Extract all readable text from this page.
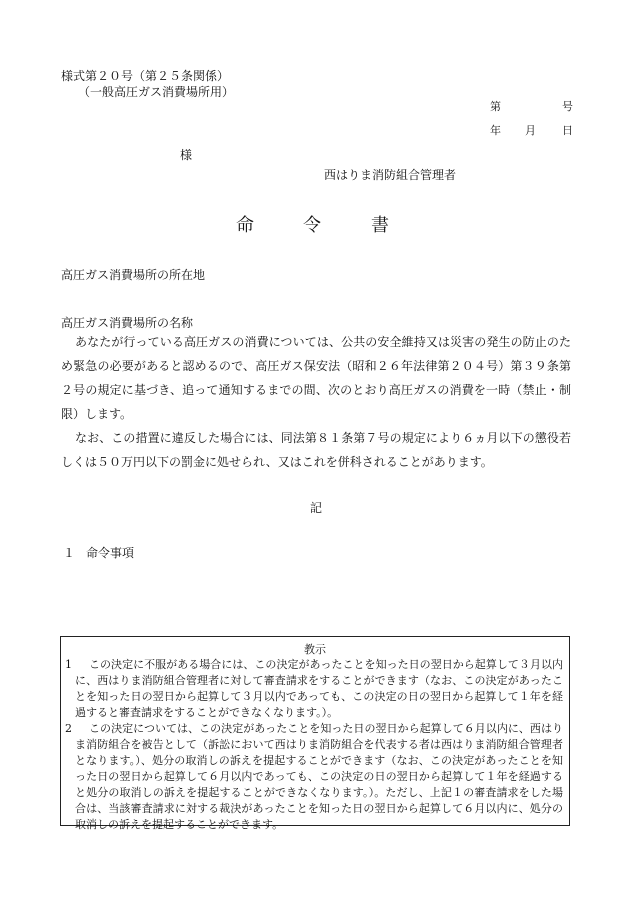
様式第２０号（第２５条関係）
（一般高圧ガス消費場所用）
第	号
年 月 日
様
西はりま消防組合管理者
命	令	書
高圧ガス消費場所の所在地
高圧ガス消費場所の名称
あなたが行っている高圧ガスの消費については、公共の安全維持又は災害の発生の防止のため緊急の必要があると認めるので、高圧ガス保安法（昭和２６年法律第２０４号）第３９条第２号の規定に基づき、追って通知するまでの間、次のとおり高圧ガスの消費を一時（禁止・制限）します。
なお、この措置に違反した場合には、同法第８１条第７号の規定により６ヵ月以下の懲役若しくは５０万円以下の罰金に処せられ、又はこれを併科されることがあります。
記
１ 命令事項
教示
1	この決定に不服がある場合には、この決定があったことを知った日の翌日から起算して３月以内に、西はりま消防組合管理者に対して審査請求をすることができます（なお、この決定があったことを知った日の翌日から起算して３月以内であっても、この決定の日の翌日から起算して１年を経過すると審査請求をすることができなくなります。）。
2	この決定については、この決定があったことを知った日の翌日から起算して６月以内に、西はりま消防組合を被告として（訴訟において西はりま消防組合を代表する者は西はりま消防組合管理者となります。）、処分の取消しの訴えを提起することができます（なお、この決定があったことを知った日の翌日から起算して６月以内であっても、この決定の日の翌日から起算して１年を経過すると処分の取消しの訴えを提起することができなくなります。）。ただし、上記１の審査請求をした場合は、当該審査請求に対する裁決があったことを知った日の翌日から起算して６月以内に、処分の取消しの訴えを提起することができます。
